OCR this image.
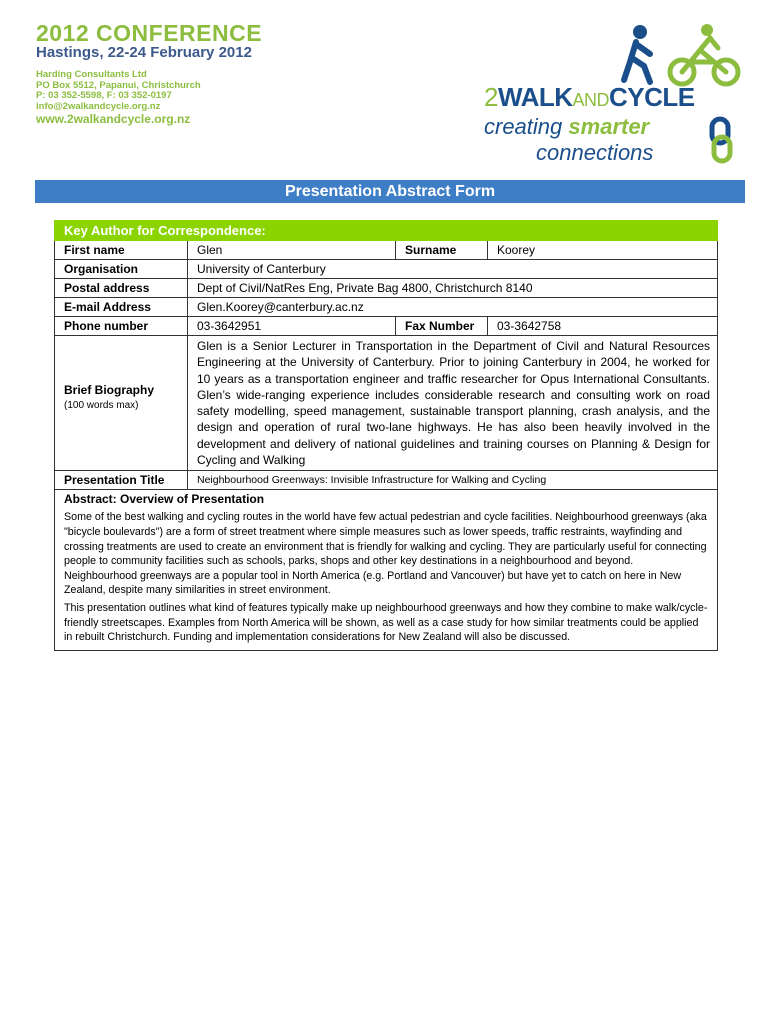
2012 CONFERENCE
Hastings, 22-24 February 2012
Harding Consultants Ltd
PO Box 5512, Papanui, Christchurch
P: 03 352-5598, F: 03 352-0197
info@2walkandcycle.org.nz
www.2walkandcycle.org.nz
2WALKANDCYCLE
creating smarter
connections
Presentation Abstract Form
Key Author for Correspondence:			
First name	Glen	Surname	Koorey
Organisation	University of Canterbury		
Postal address	Dept of Civil/NatRes Eng, Private Bag 4800, Christchurch 8140		
E-mail Address	Glen.Koorey@canterbury.ac.nz		
Phone number	03-3642951	Fax Number	03-3642758

Brief Biography
(100 words max)	Glen is a Senior Lecturer in Transportation in the Department of Civil and Natural Resources Engineering at the University of Canterbury. Prior to joining Canterbury in 2004, he worked for 10 years as a transportation engineer and traffic researcher for Opus International Consultants. Glen’s wide-ranging experience includes considerable research and consulting work on road safety modelling, speed management, sustainable transport planning, crash analysis, and the design and operation of rural two-lane highways. He has also been heavily involved in the development and delivery of national guidelines and training courses on Planning & Design for Cycling and Walking		
Presentation Title	Neighbourhood Greenways: Invisible Infrastructure for Walking and Cycling		
Abstract: Overview of Presentation			

Some of the best walking and cycling routes in the world have few actual pedestrian and cycle facilities. Neighbourhood greenways (aka "bicycle boulevards") are a form of street treatment where simple measures such as lower speeds, traffic restraints, wayfinding and crossing treatments are used to create an environment that is friendly for walking and cycling. They are particularly useful for connecting people to community facilities such as schools, parks, shops and other key destinations in a neighbourhood and beyond. Neighbourhood greenways are a popular tool in North America (e.g. Portland and Vancouver) but have yet to catch on here in New Zealand, despite many similarities in street environment.

This presentation outlines what kind of features typically make up neighbourhood greenways and how they combine to make walk/cycle-friendly streetscapes. Examples from North America will be shown, as well as a case study for how similar treatments could be applied in rebuilt Christchurch. Funding and implementation considerations for New Zealand will also be discussed.			
